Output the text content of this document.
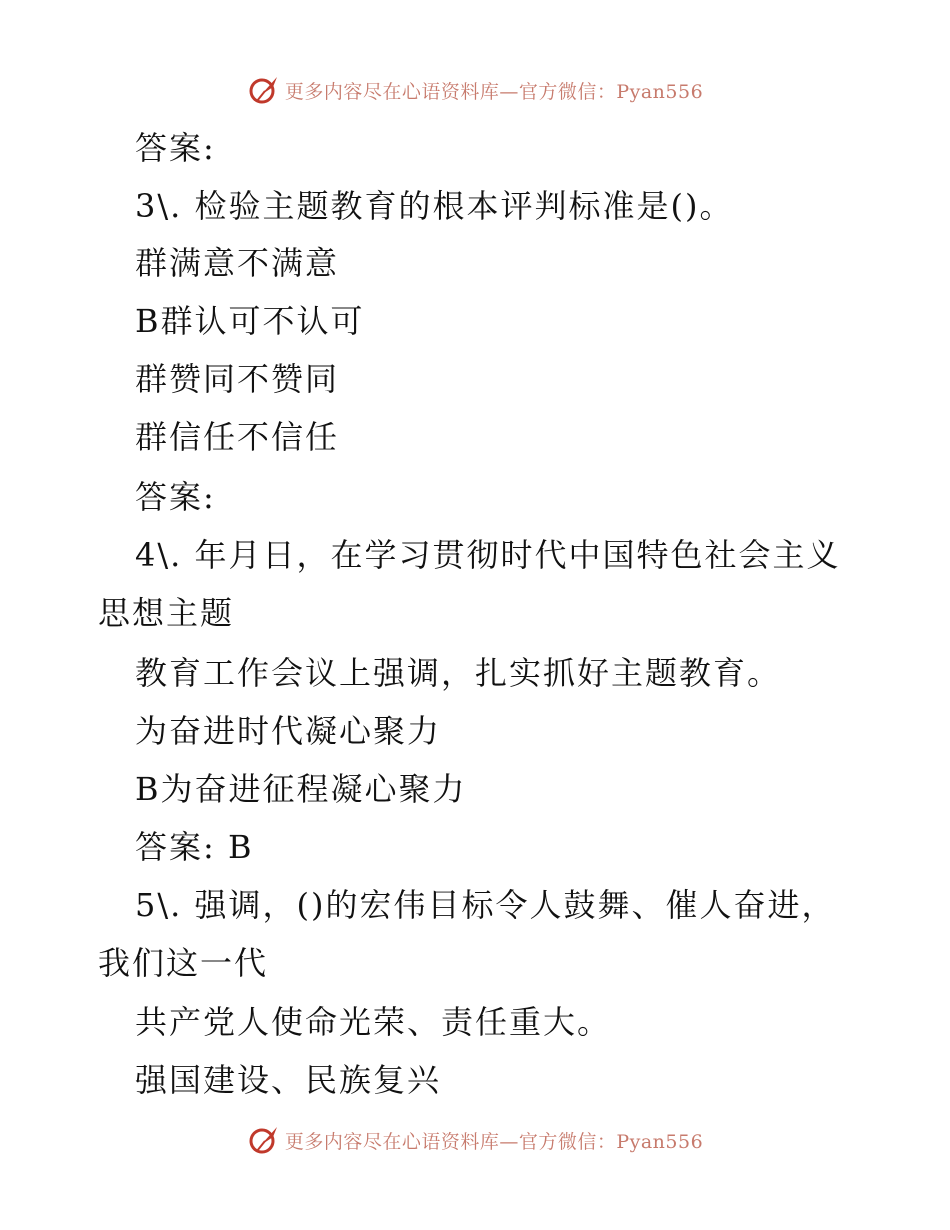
更多内容尽在心语资料库—官方微信：Pyan556
答案:
3\. 检验主题教育的根本评判标准是()。
群满意不满意
B群认可不认可
群赞同不赞同
群信任不信任
答案:
4\. 年月日，在学习贯彻时代中国特色社会主义
思想主题
教育工作会议上强调，扎实抓好主题教育。
为奋进时代凝心聚力
B为奋进征程凝心聚力
答案: B
5\. 强调，()的宏伟目标令人鼓舞、催人奋进，
我们这一代
共产党人使命光荣、责任重大。
强国建设、民族复兴
更多内容尽在心语资料库—官方微信：Pyan556
